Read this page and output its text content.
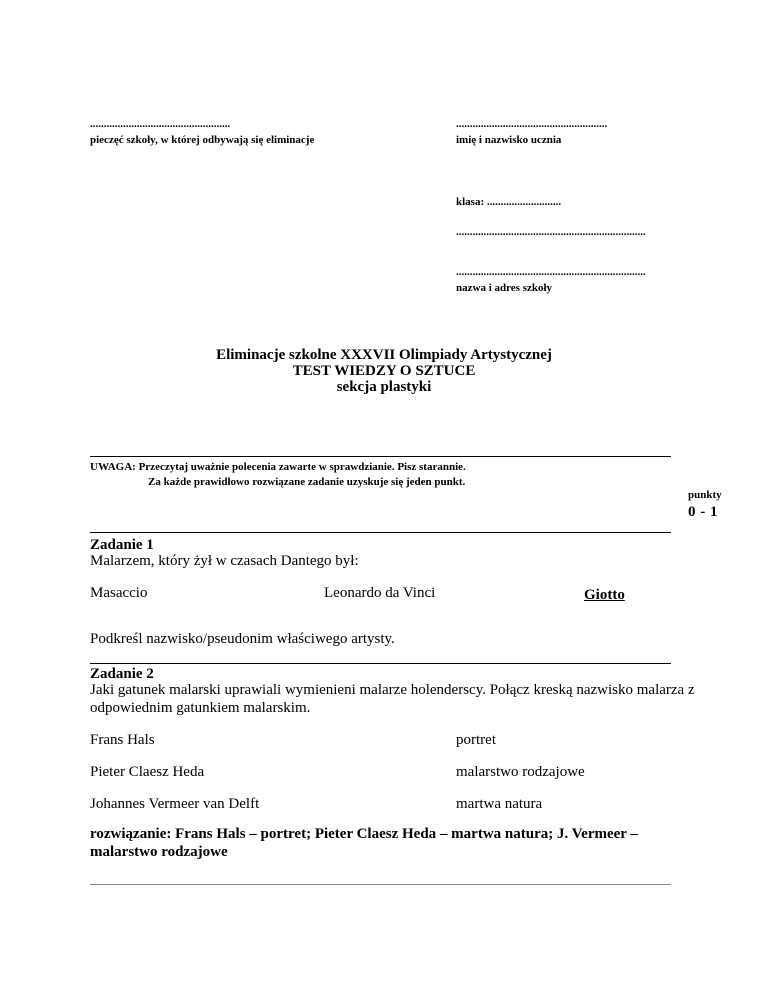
...................................................
pieczęć szkoły, w której odbywają się eliminacje
.......................................................
imię i nazwisko ucznia
klasa: ...........................
.....................................................................
.....................................................................
nazwa i adres szkoły
Eliminacje szkolne XXXVII Olimpiady Artystycznej
TEST WIEDZY O SZTUCE
sekcja plastyki
UWAGA: Przeczytaj uważnie polecenia zawarte w sprawdzianie. Pisz starannie.
Za każde prawidłowo rozwiązane zadanie uzyskuje się jeden punkt.
punkty
0 - 1
Zadanie 1
Malarzem, który żył w czasach Dantego był:
Masaccio	Leonardo da Vinci	Giotto
Podkreśl nazwisko/pseudonim właściwego artysty.
Zadanie 2
Jaki gatunek malarski uprawiali wymienieni malarze holenderscy. Połącz kreską nazwisko malarza z odpowiednim gatunkiem malarskim.
Frans Hals	portret
Pieter Claesz Heda	malarstwo rodzajowe
Johannes Vermeer van Delft	martwa natura
rozwiązanie: Frans Hals – portret; Pieter Claesz Heda – martwa natura; J. Vermeer – malarstwo rodzajowe
